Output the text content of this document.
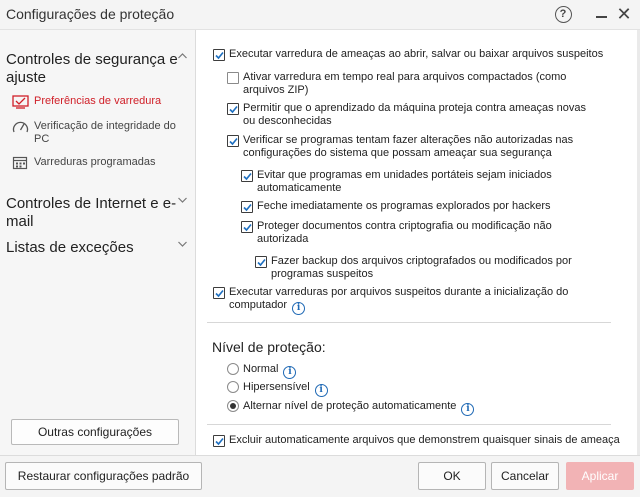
Configurações de proteção	?	✕
Controles de segurança e ajuste
Preferências de varredura
Verificação de integridade do PC
Varreduras programadas
Controles de Internet e e-mail
Listas de exceções
Outras configurações
Executar varredura de ameaças ao abrir, salvar ou baixar arquivos suspeitos
Ativar varredura em tempo real para arquivos compactados (como arquivos ZIP)
Permitir que o aprendizado da máquina proteja contra ameaças novas ou desconhecidas
Verificar se programas tentam fazer alterações não autorizadas nas configurações do sistema que possam ameaçar sua segurança
Evitar que programas em unidades portáteis sejam iniciados automaticamente
Feche imediatamente os programas explorados por hackers
Proteger documentos contra criptografia ou modificação não autorizada
Fazer backup dos arquivos criptografados ou modificados por programas suspeitos
Executar varreduras por arquivos suspeitos durante a inicialização do computador i
Nível de proteção:
Normal i
Hipersensível i
Alternar nível de proteção automaticamente i
Excluir automaticamente arquivos que demonstrem quaisquer sinais de ameaça
Restaurar configurações padrão	OK	Cancelar	Aplicar
